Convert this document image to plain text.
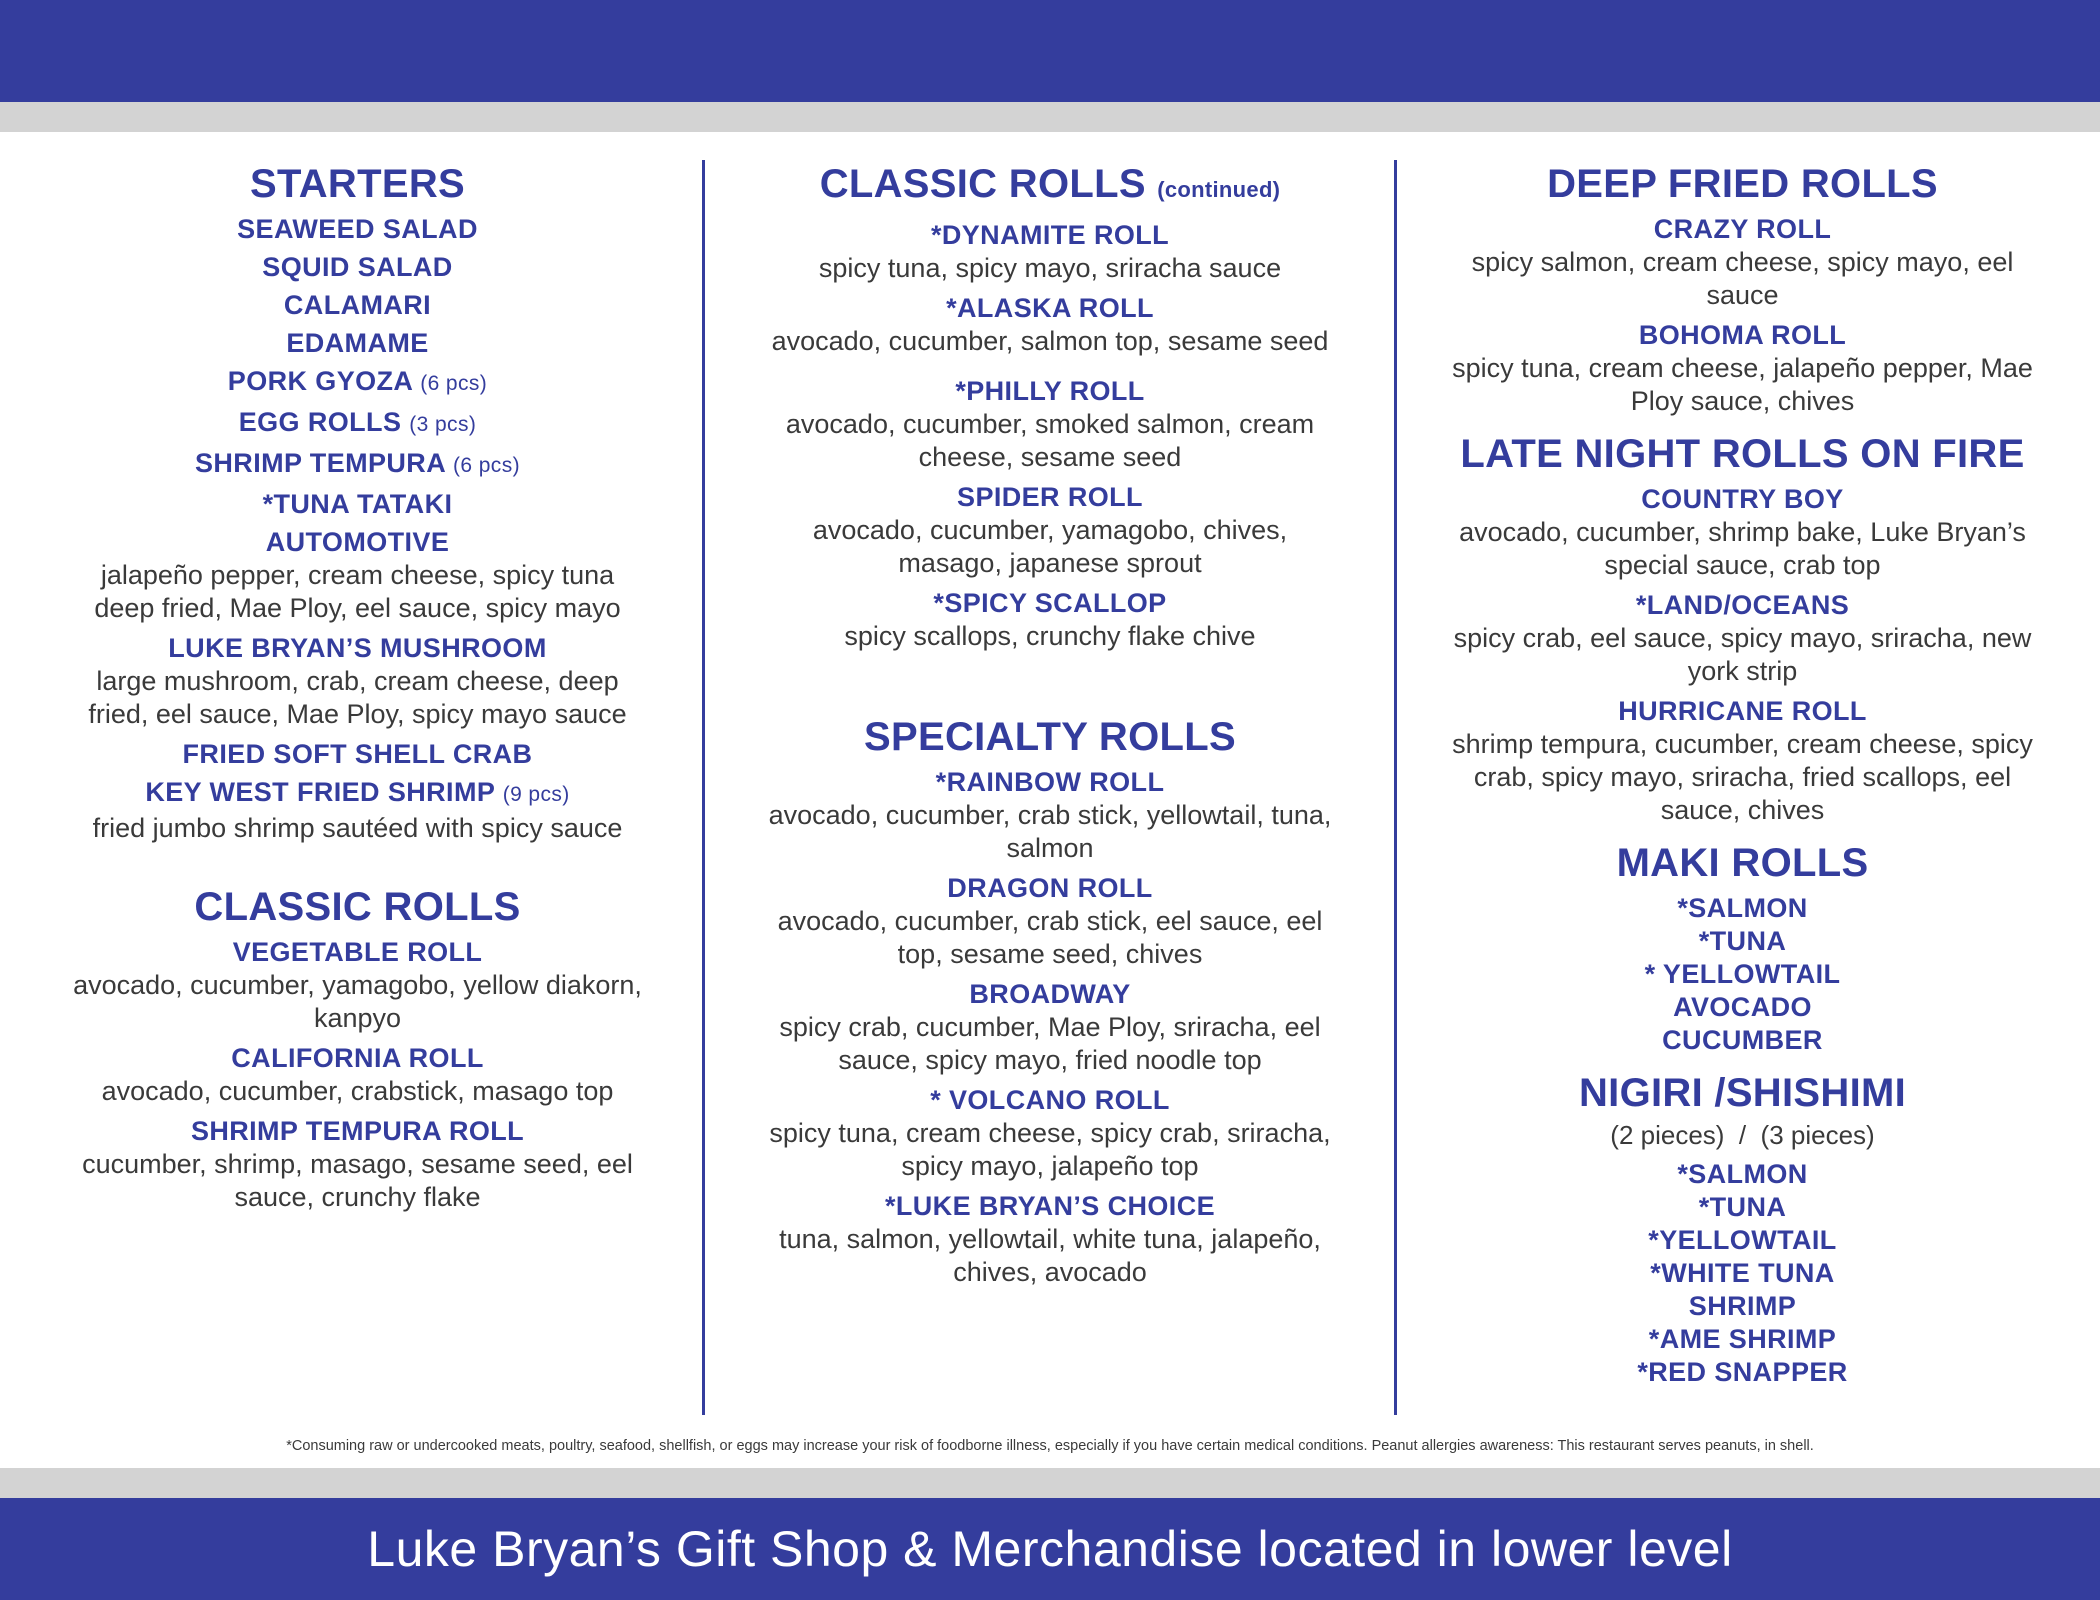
STARTERS
SEAWEED SALAD
SQUID SALAD
CALAMARI
EDAMAME
PORK GYOZA (6 pcs)
EGG ROLLS (3 pcs)
SHRIMP TEMPURA (6 pcs)
*TUNA TATAKI
AUTOMOTIVE
jalapeño pepper, cream cheese, spicy tuna deep fried, Mae Ploy, eel sauce, spicy mayo
LUKE BRYAN’S MUSHROOM
large mushroom, crab, cream cheese, deep fried, eel sauce, Mae Ploy, spicy mayo sauce
FRIED SOFT SHELL CRAB
KEY WEST FRIED SHRIMP (9 pcs)
fried jumbo shrimp sautéed with spicy sauce
CLASSIC ROLLS
VEGETABLE ROLL
avocado, cucumber, yamagobo, yellow diakorn, kanpyo
CALIFORNIA ROLL
avocado, cucumber, crabstick, masago top
SHRIMP TEMPURA ROLL
cucumber, shrimp, masago, sesame seed, eel sauce, crunchy flake
CLASSIC ROLLS (continued)
*DYNAMITE ROLL
spicy tuna, spicy mayo, sriracha sauce
*ALASKA ROLL
avocado, cucumber, salmon top, sesame seed
*PHILLY ROLL
avocado, cucumber, smoked salmon, cream cheese, sesame seed
SPIDER ROLL
avocado, cucumber, yamagobo, chives, masago, japanese sprout
*SPICY SCALLOP
spicy scallops, crunchy flake chive
SPECIALTY ROLLS
*RAINBOW ROLL
avocado, cucumber, crab stick, yellowtail, tuna, salmon
DRAGON ROLL
avocado, cucumber, crab stick, eel sauce, eel top, sesame seed, chives
BROADWAY
spicy crab, cucumber, Mae Ploy, sriracha, eel sauce, spicy mayo, fried noodle top
* VOLCANO ROLL
spicy tuna, cream cheese, spicy crab, sriracha, spicy mayo, jalapeño top
*LUKE BRYAN’S CHOICE
tuna, salmon, yellowtail, white tuna, jalapeño, chives, avocado
DEEP FRIED ROLLS
CRAZY ROLL
spicy salmon, cream cheese, spicy mayo, eel sauce
BOHOMA ROLL
spicy tuna, cream cheese, jalapeño pepper, Mae Ploy sauce, chives
LATE NIGHT ROLLS ON FIRE
COUNTRY BOY
avocado, cucumber, shrimp bake, Luke Bryan’s special sauce, crab top
*LAND/OCEANS
spicy crab, eel sauce, spicy mayo, sriracha, new york strip
HURRICANE ROLL
shrimp tempura, cucumber, cream cheese, spicy crab, spicy mayo, sriracha, fried scallops, eel sauce, chives
MAKI ROLLS
*SALMON
*TUNA
* YELLOWTAIL
AVOCADO
CUCUMBER
NIGIRI /SHISHIMI
(2 pieces)  /  (3 pieces)
*SALMON
*TUNA
*YELLOWTAIL
*WHITE TUNA
SHRIMP
*AME SHRIMP
*RED SNAPPER
*Consuming raw or undercooked meats, poultry, seafood, shellfish, or eggs may increase your risk of foodborne illness, especially if you have certain medical conditions. Peanut allergies awareness: This restaurant serves peanuts, in shell.
Luke Bryan’s Gift Shop & Merchandise located in lower level
